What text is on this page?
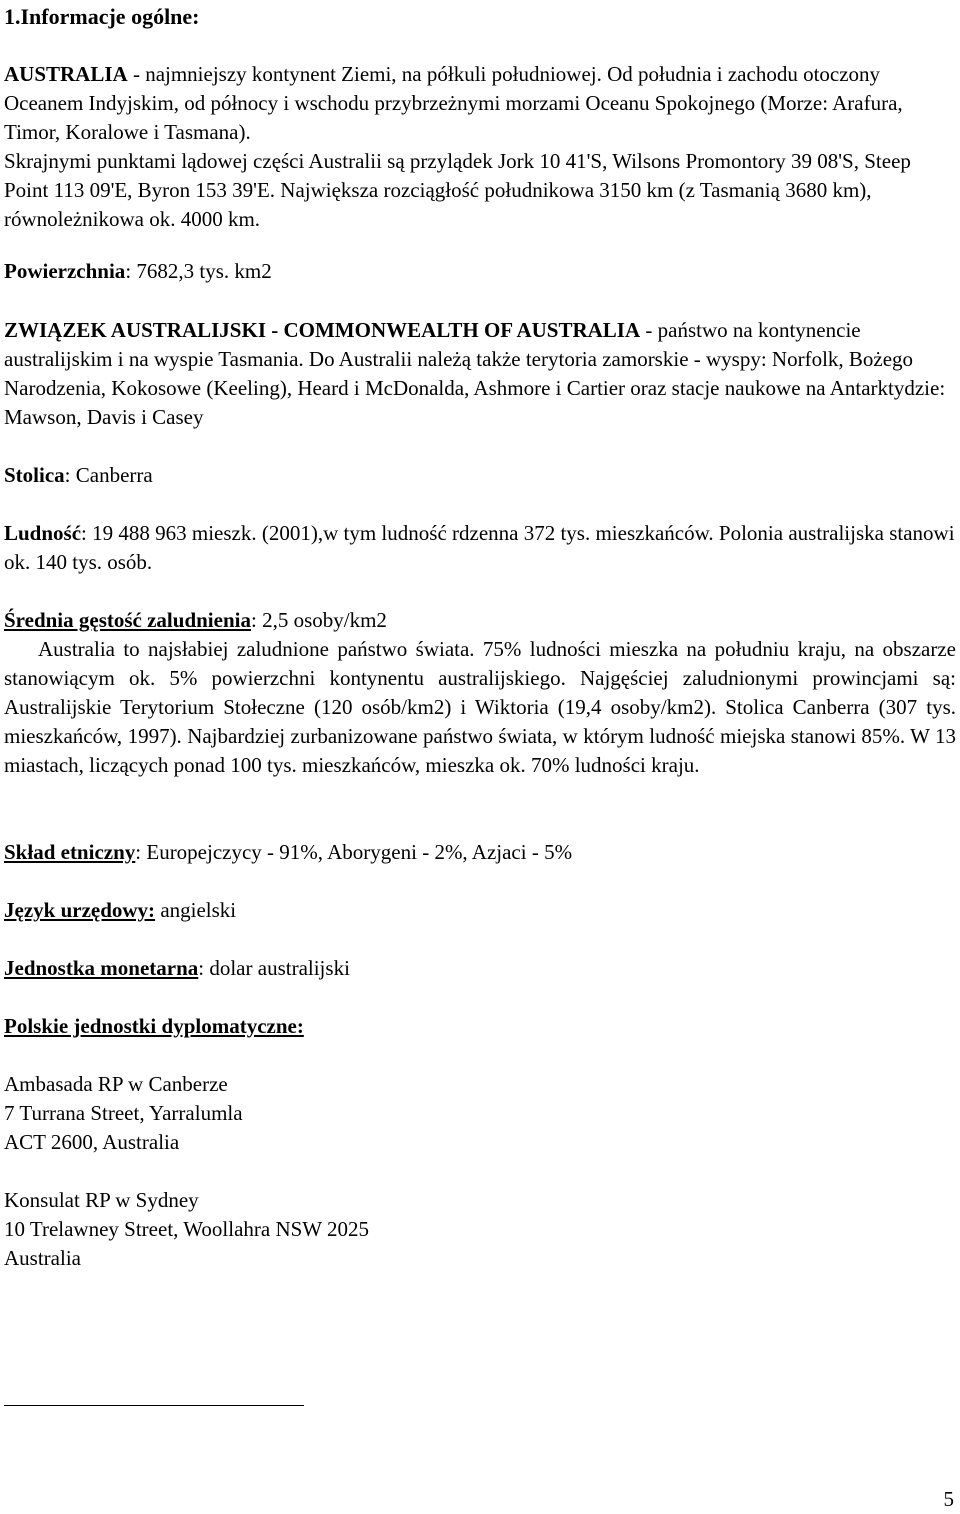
1.Informacje ogólne:

AUSTRALIA - najmniejszy kontynent Ziemi, na półkuli południowej. Od południa i zachodu otoczony Oceanem Indyjskim, od północy i wschodu przybrzeżnymi morzami Oceanu Spokojnego (Morze: Arafura, Timor, Koralowe i Tasmana).
Skrajnymi punktami lądowej części Australii są przylądek Jork 10 41'S, Wilsons Promontory 39 08'S, Steep Point 113 09'E, Byron 153 39'E. Największa rozciągłość południkowa 3150 km (z Tasmanią 3680 km), równoleżnikowa ok. 4000 km.

Powierzchnia: 7682,3 tys. km2

ZWIĄZEK AUSTRALIJSKI - COMMONWEALTH OF AUSTRALIA - państwo na kontynencie australijskim i na wyspie Tasmania. Do Australii należą także terytoria zamorskie - wyspy: Norfolk, Bożego Narodzenia, Kokosowe (Keeling), Heard i McDonalda, Ashmore i Cartier oraz stacje naukowe na Antarktydzie: Mawson, Davis i Casey

Stolica: Canberra

Ludność: 19 488 963 mieszk. (2001),w tym ludność rdzenna 372 tys. mieszkańców. Polonia australijska stanowi ok. 140 tys. osób.

Średnia gęstość zaludnienia: 2,5 osoby/km2

Australia to najsłabiej zaludnione państwo świata. 75% ludności mieszka na południu kraju, na obszarze stanowiącym ok. 5% powierzchni kontynentu australijskiego. Najgęściej zaludnionymi prowincjami są: Australijskie Terytorium Stołeczne (120 osób/km2) i Wiktoria (19,4 osoby/km2). Stolica Canberra (307 tys. mieszkańców, 1997). Najbardziej zurbanizowane państwo świata, w którym ludność miejska stanowi 85%. W 13 miastach, liczących ponad 100 tys. mieszkańców, mieszka ok. 70% ludności kraju.

Skład etniczny: Europejczycy - 91%, Aborygeni - 2%, Azjaci - 5%

Język urzędowy: angielski

Jednostka monetarna: dolar australijski

Polskie jednostki dyplomatyczne:

Ambasada RP w Canberze
7 Turrana Street, Yarralumla
ACT 2600, Australia

Konsulat RP w Sydney
10 Trelawney Street, Woollahra NSW 2025
Australia

5
